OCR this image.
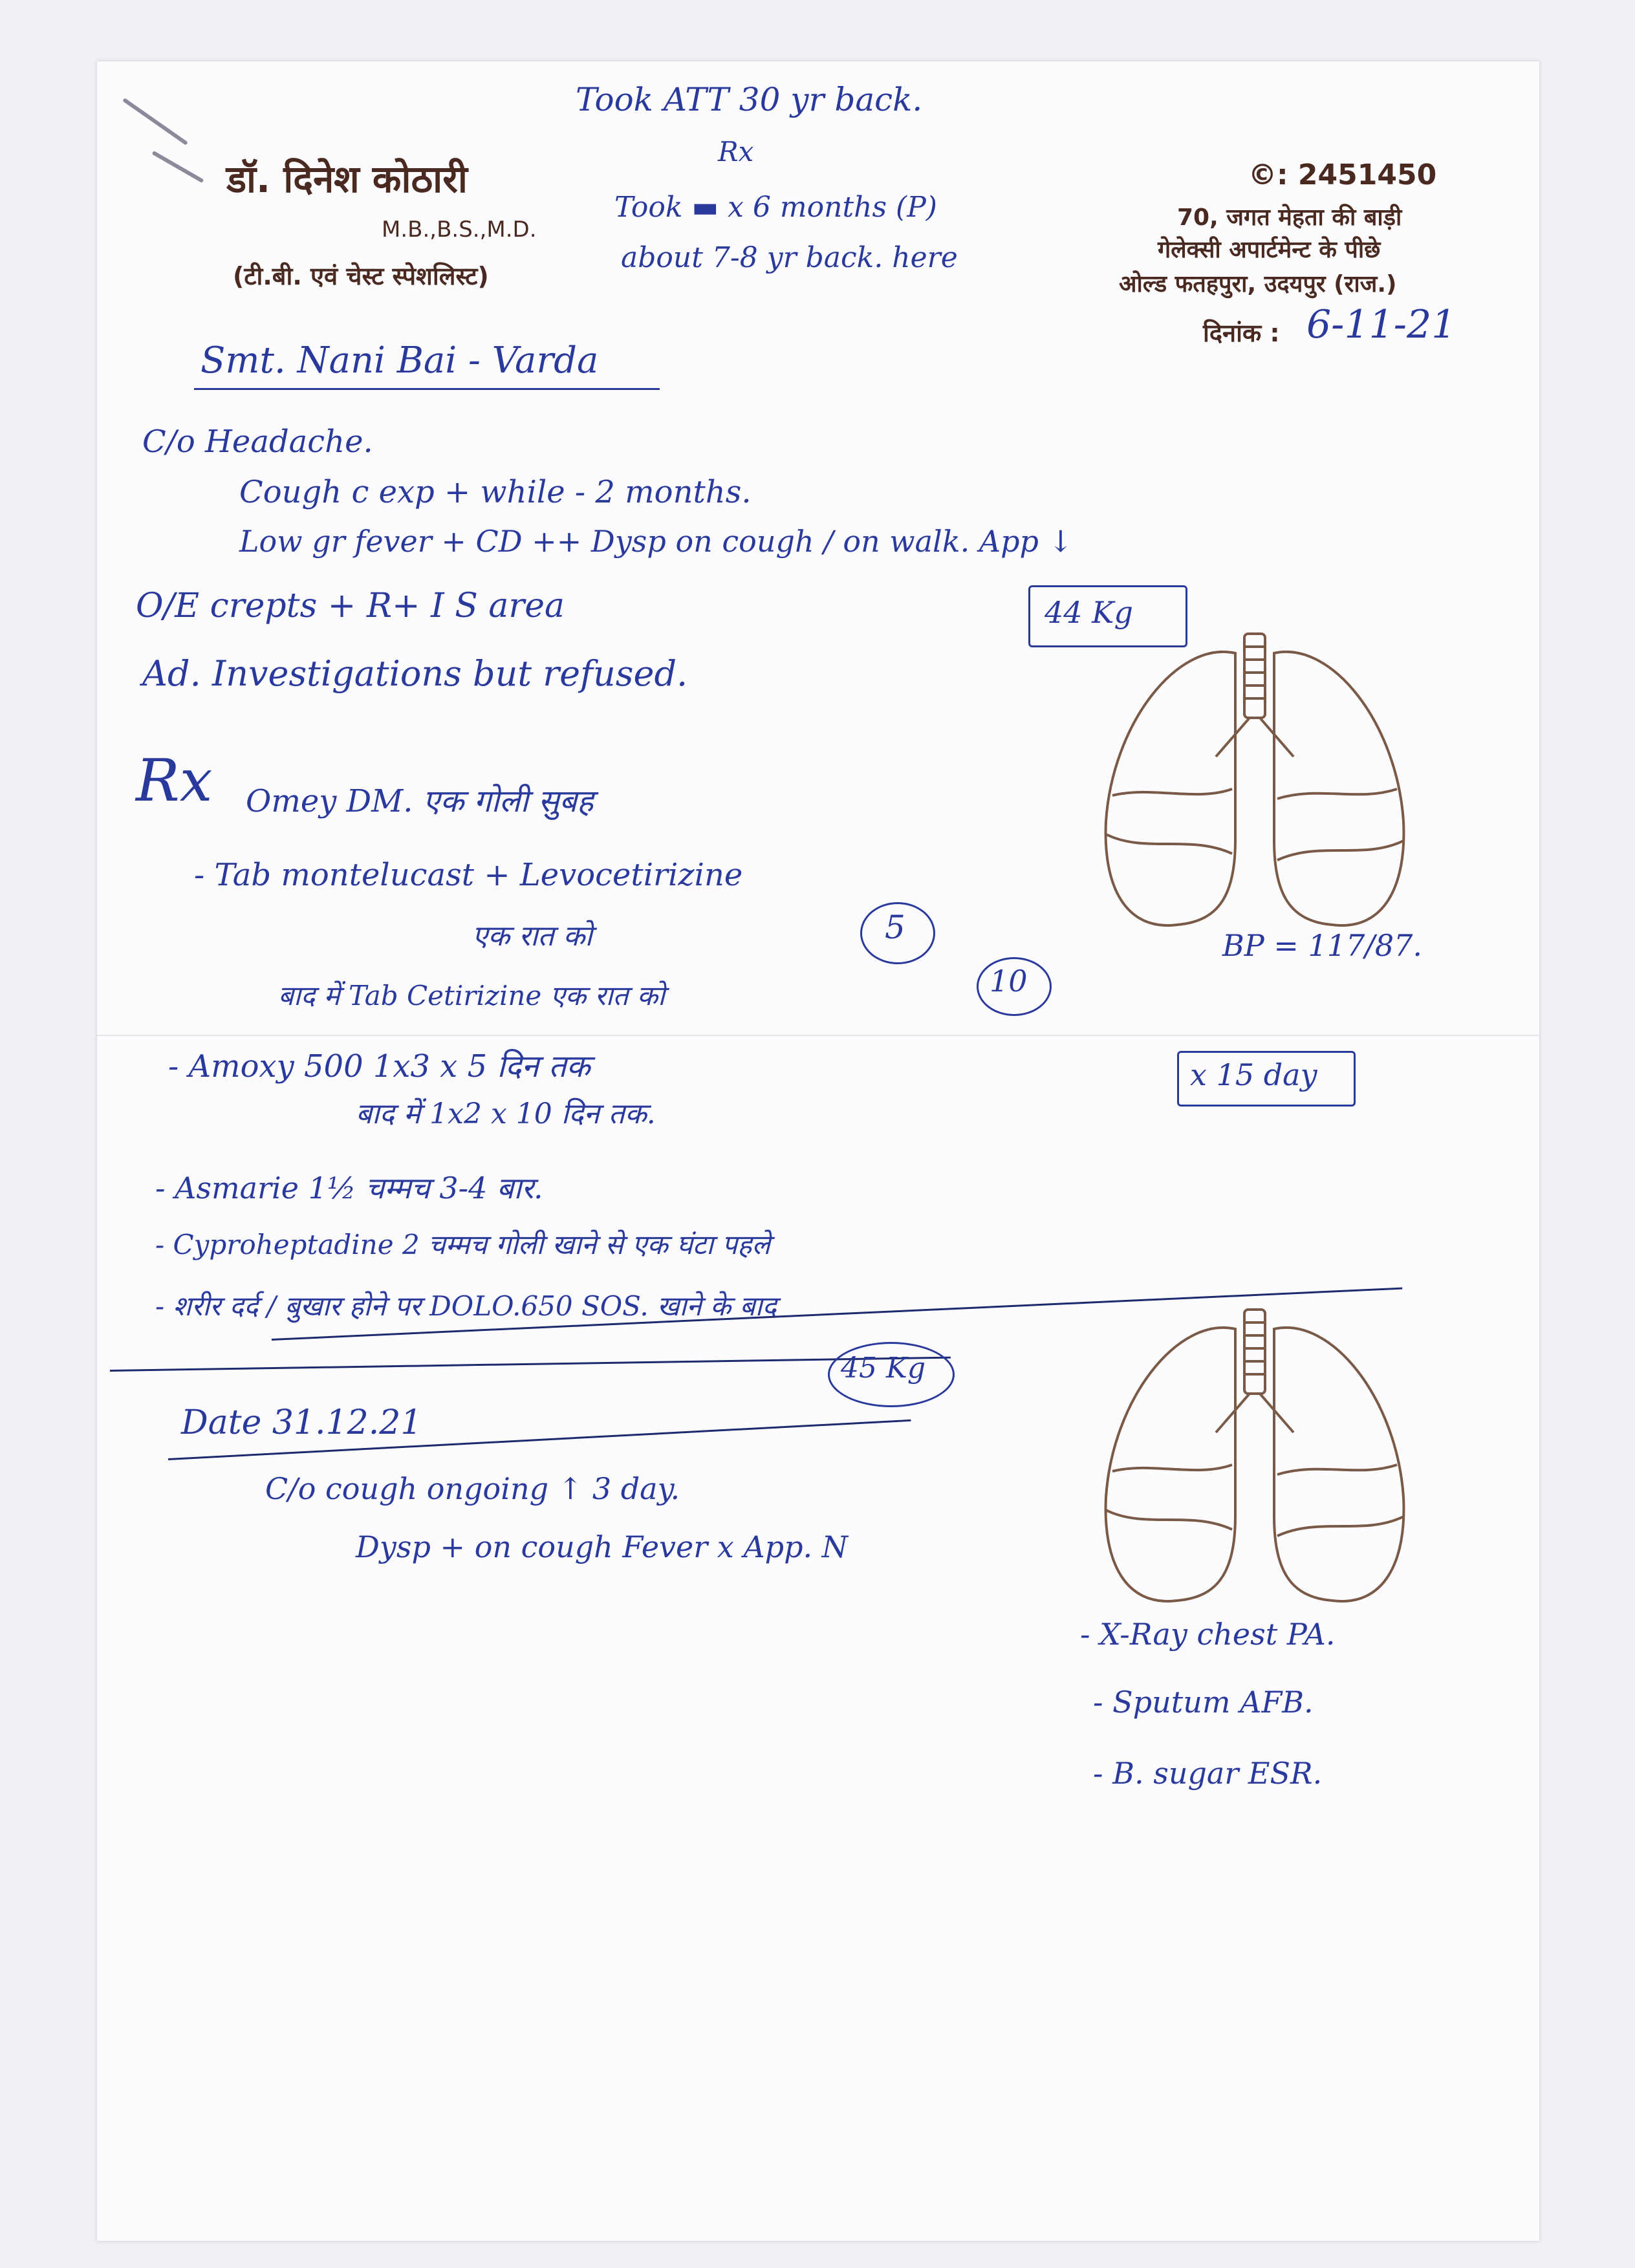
डॉ. दिनेश कोठारी
M.B.,B.S.,M.D.
(टी.बी. एवं चेस्ट स्पेशलिस्ट)
©: 2451450
70, जगत मेहता की बाड़ी
गेलेक्सी अपार्टमेन्ट के पीछे
ओल्ड फतहपुरा, उदयपुर (राज.)
दिनांक : 6-11-21
Took ATT 30 yr back.
Rx
Took ▬ x 6 months (P)
about 7-8 yr back. here
Smt. Nani Bai - Varda
C/o Headache.
Cough c exp + while - 2 months.
Low gr fever + CD ++ Dysp on cough / on walk. App ↓
O/E crepts + R+ I S area	44 Kg
Ad. Investigations but refused.
Rx Omey DM. एक गोली सुबह
- Tab montelucast + Levocetirizine
एक रात को	5
बाद में Tab Cetirizine एक रात को	10
BP = 117/87.
- Amoxy 500 1x3 x 5 दिन तक
बाद में 1x2 x 10 दिन तक.
x 15 day
- Asmarie 1½ चम्मच 3-4 बार.
- Cyproheptadine 2 चम्मच गोली खाने से एक घंटा पहले
- शरीर दर्द / बुखार होने पर DOLO.650 SOS. खाने के बाद
45 Kg
Date 31.12.21
C/o cough ongoing ↑ 3 day.
Dysp + on cough Fever x App. N
- X-Ray chest PA.
- Sputum AFB.
- B. sugar ESR.
